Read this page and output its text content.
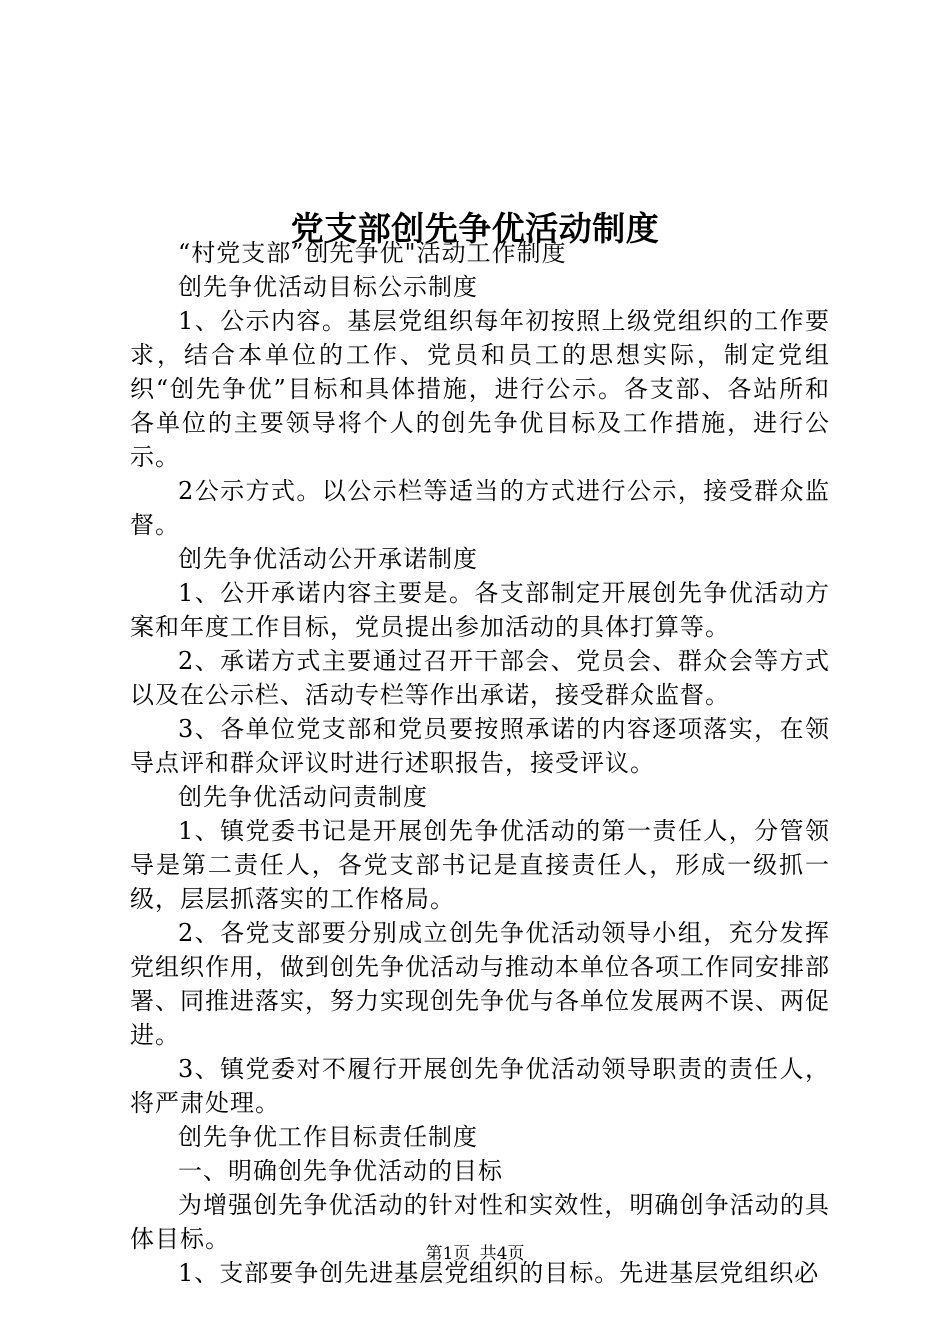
党支部创先争优活动制度

“村党支部”创先争优"活动工作制度

创先争优活动目标公示制度

1、公示内容。基层党组织每年初按照上级党组织的工作要求，结合本单位的工作、党员和员工的思想实际，制定党组织“创先争优”目标和具体措施，进行公示。各支部、各站所和各单位的主要领导将个人的创先争优目标及工作措施，进行公示。

2公示方式。以公示栏等适当的方式进行公示，接受群众监督。

创先争优活动公开承诺制度

1、公开承诺内容主要是。各支部制定开展创先争优活动方案和年度工作目标，党员提出参加活动的具体打算等。

2、承诺方式主要通过召开干部会、党员会、群众会等方式以及在公示栏、活动专栏等作出承诺，接受群众监督。

3、各单位党支部和党员要按照承诺的内容逐项落实，在领导点评和群众评议时进行述职报告，接受评议。

创先争优活动问责制度

1、镇党委书记是开展创先争优活动的第一责任人，分管领导是第二责任人，各党支部书记是直接责任人，形成一级抓一级，层层抓落实的工作格局。

2、各党支部要分别成立创先争优活动领导小组，充分发挥党组织作用，做到创先争优活动与推动本单位各项工作同安排部署、同推进落实，努力实现创先争优与各单位发展两不误、两促进。

3、镇党委对不履行开展创先争优活动领导职责的责任人，将严肃处理。

创先争优工作目标责任制度

一、明确创先争优活动的目标

为增强创先争优活动的针对性和实效性，明确创争活动的具体目标。

1、支部要争创先进基层党组织的目标。先进基层党组织必

第1页 共4页
